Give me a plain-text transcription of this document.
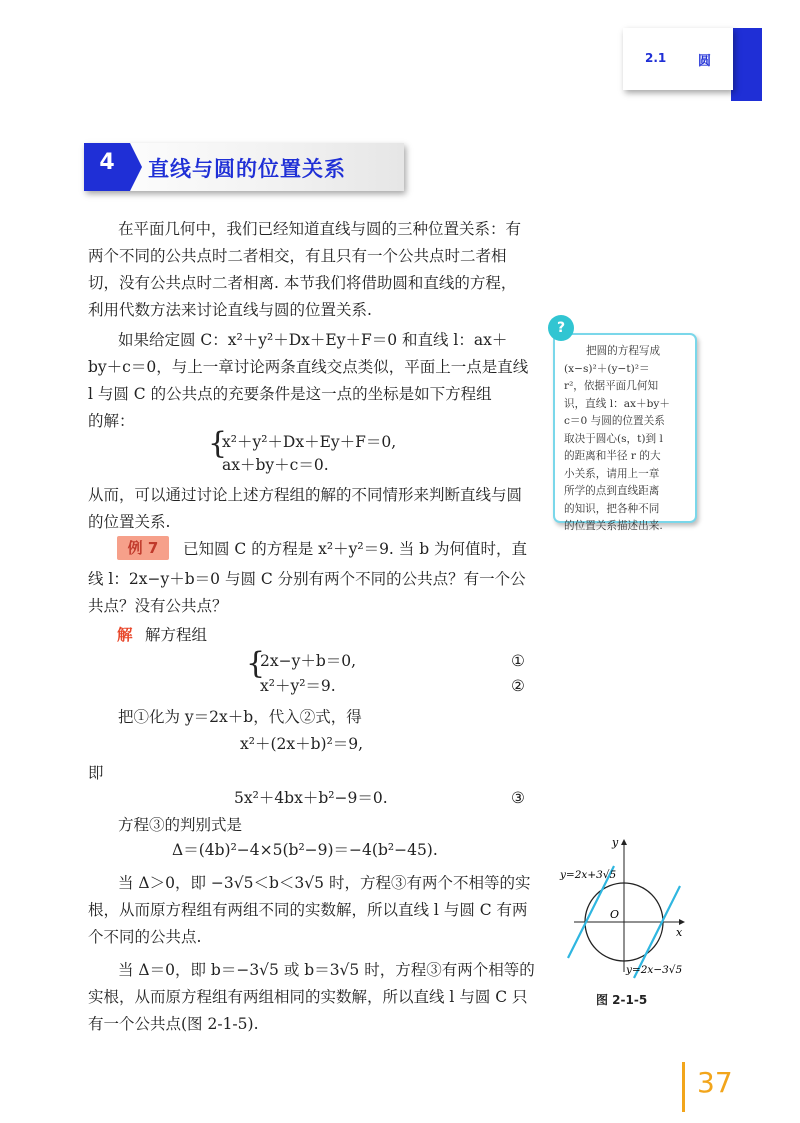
2.1 圆
4	直线与圆的位置关系
在平面几何中，我们已经知道直线与圆的三种位置关系：有
两个不同的公共点时二者相交，有且只有一个公共点时二者相
切，没有公共点时二者相离. 本节我们将借助圆和直线的方程，
利用代数方法来讨论直线与圆的位置关系.
如果给定圆 C：x²＋y²＋Dx＋Ey＋F＝0 和直线 l：ax＋
by＋c＝0，与上一章讨论两条直线交点类似，平面上一点是直线
l 与圆 C 的公共点的充要条件是这一点的坐标是如下方程组
的解：
{
x²＋y²＋Dx＋Ey＋F＝0,
ax＋by＋c＝0.
从而，可以通过讨论上述方程组的解的不同情形来判断直线与圆
的位置关系.
?
把圆的方程写成
(x−s)²＋(y−t)²＝
r²，依据平面几何知
识，直线 l：ax＋by＋
c＝0 与圆的位置关系
取决于圆心(s，t)到 l
的距离和半径 r 的大
小关系，请用上一章
所学的点到直线距离
的知识，把各种不同
的位置关系描述出来.
例 7	已知圆 C 的方程是 x²＋y²＝9. 当 b 为何值时，直
线 l：2x−y＋b＝0 与圆 C 分别有两个不同的公共点？有一个公
共点？没有公共点？
解 解方程组
{
2x−y＋b＝0,
x²＋y²＝9.
①
②
把①化为 y＝2x＋b，代入②式，得
x²＋(2x＋b)²＝9,
即
5x²＋4bx＋b²−9＝0.	③
方程③的判别式是
Δ＝(4b)²−4×5(b²−9)＝−4(b²−45).
当 Δ＞0，即 −3√5＜b＜3√5 时，方程③有两个不相等的实
根，从而原方程组有两组不同的实数解，所以直线 l 与圆 C 有两
个不同的公共点.
当 Δ＝0，即 b＝−3√5 或 b＝3√5 时，方程③有两个相等的
实根，从而原方程组有两组相同的实数解，所以直线 l 与圆 C 只
有一个公共点(图 2-1-5).
x
y
O
y=2x+3√5
y=2x−3√5
图 2-1-5
37
